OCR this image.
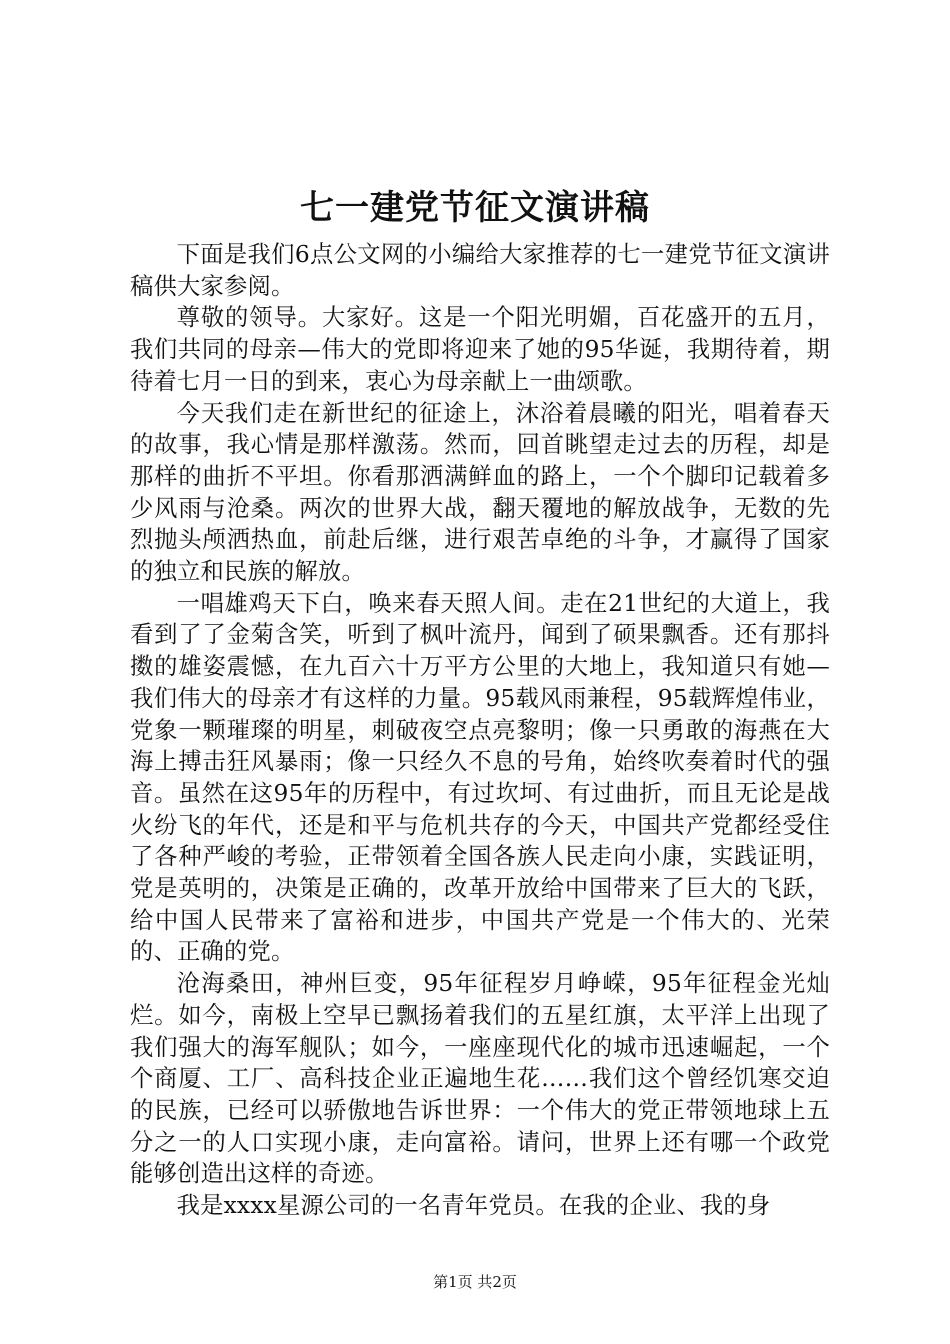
七一建党节征文演讲稿

下面是我们6点公文网的小编给大家推荐的七一建党节征文演讲稿供大家参阅。

尊敬的领导。大家好。这是一个阳光明媚，百花盛开的五月，我们共同的母亲—伟大的党即将迎来了她的95华诞，我期待着，期待着七月一日的到来，衷心为母亲献上一曲颂歌。

今天我们走在新世纪的征途上，沐浴着晨曦的阳光，唱着春天的故事，我心情是那样激荡。然而，回首眺望走过去的历程，却是那样的曲折不平坦。你看那洒满鲜血的路上，一个个脚印记载着多少风雨与沧桑。两次的世界大战，翻天覆地的解放战争，无数的先烈抛头颅洒热血，前赴后继，进行艰苦卓绝的斗争，才赢得了国家的独立和民族的解放。

一唱雄鸡天下白，唤来春天照人间。走在21世纪的大道上，我看到了了金菊含笑，听到了枫叶流丹，闻到了硕果飘香。还有那抖擞的雄姿震憾，在九百六十万平方公里的大地上，我知道只有她—我们伟大的母亲才有这样的力量。95载风雨兼程，95载辉煌伟业，党象一颗璀璨的明星，刺破夜空点亮黎明；像一只勇敢的海燕在大海上搏击狂风暴雨；像一只经久不息的号角，始终吹奏着时代的强音。虽然在这95年的历程中，有过坎坷、有过曲折，而且无论是战火纷飞的年代，还是和平与危机共存的今天，中国共产党都经受住了各种严峻的考验，正带领着全国各族人民走向小康，实践证明，党是英明的，决策是正确的，改革开放给中国带来了巨大的飞跃，给中国人民带来了富裕和进步，中国共产党是一个伟大的、光荣的、正确的党。

沧海桑田，神州巨变，95年征程岁月峥嵘，95年征程金光灿烂。如今，南极上空早已飘扬着我们的五星红旗，太平洋上出现了我们强大的海军舰队；如今，一座座现代化的城市迅速崛起，一个个商厦、工厂、高科技企业正遍地生花……我们这个曾经饥寒交迫的民族，已经可以骄傲地告诉世界：一个伟大的党正带领地球上五分之一的人口实现小康，走向富裕。请问，世界上还有哪一个政党能够创造出这样的奇迹。

我是xxxx星源公司的一名青年党员。在我的企业、我的身

第1页 共2页
